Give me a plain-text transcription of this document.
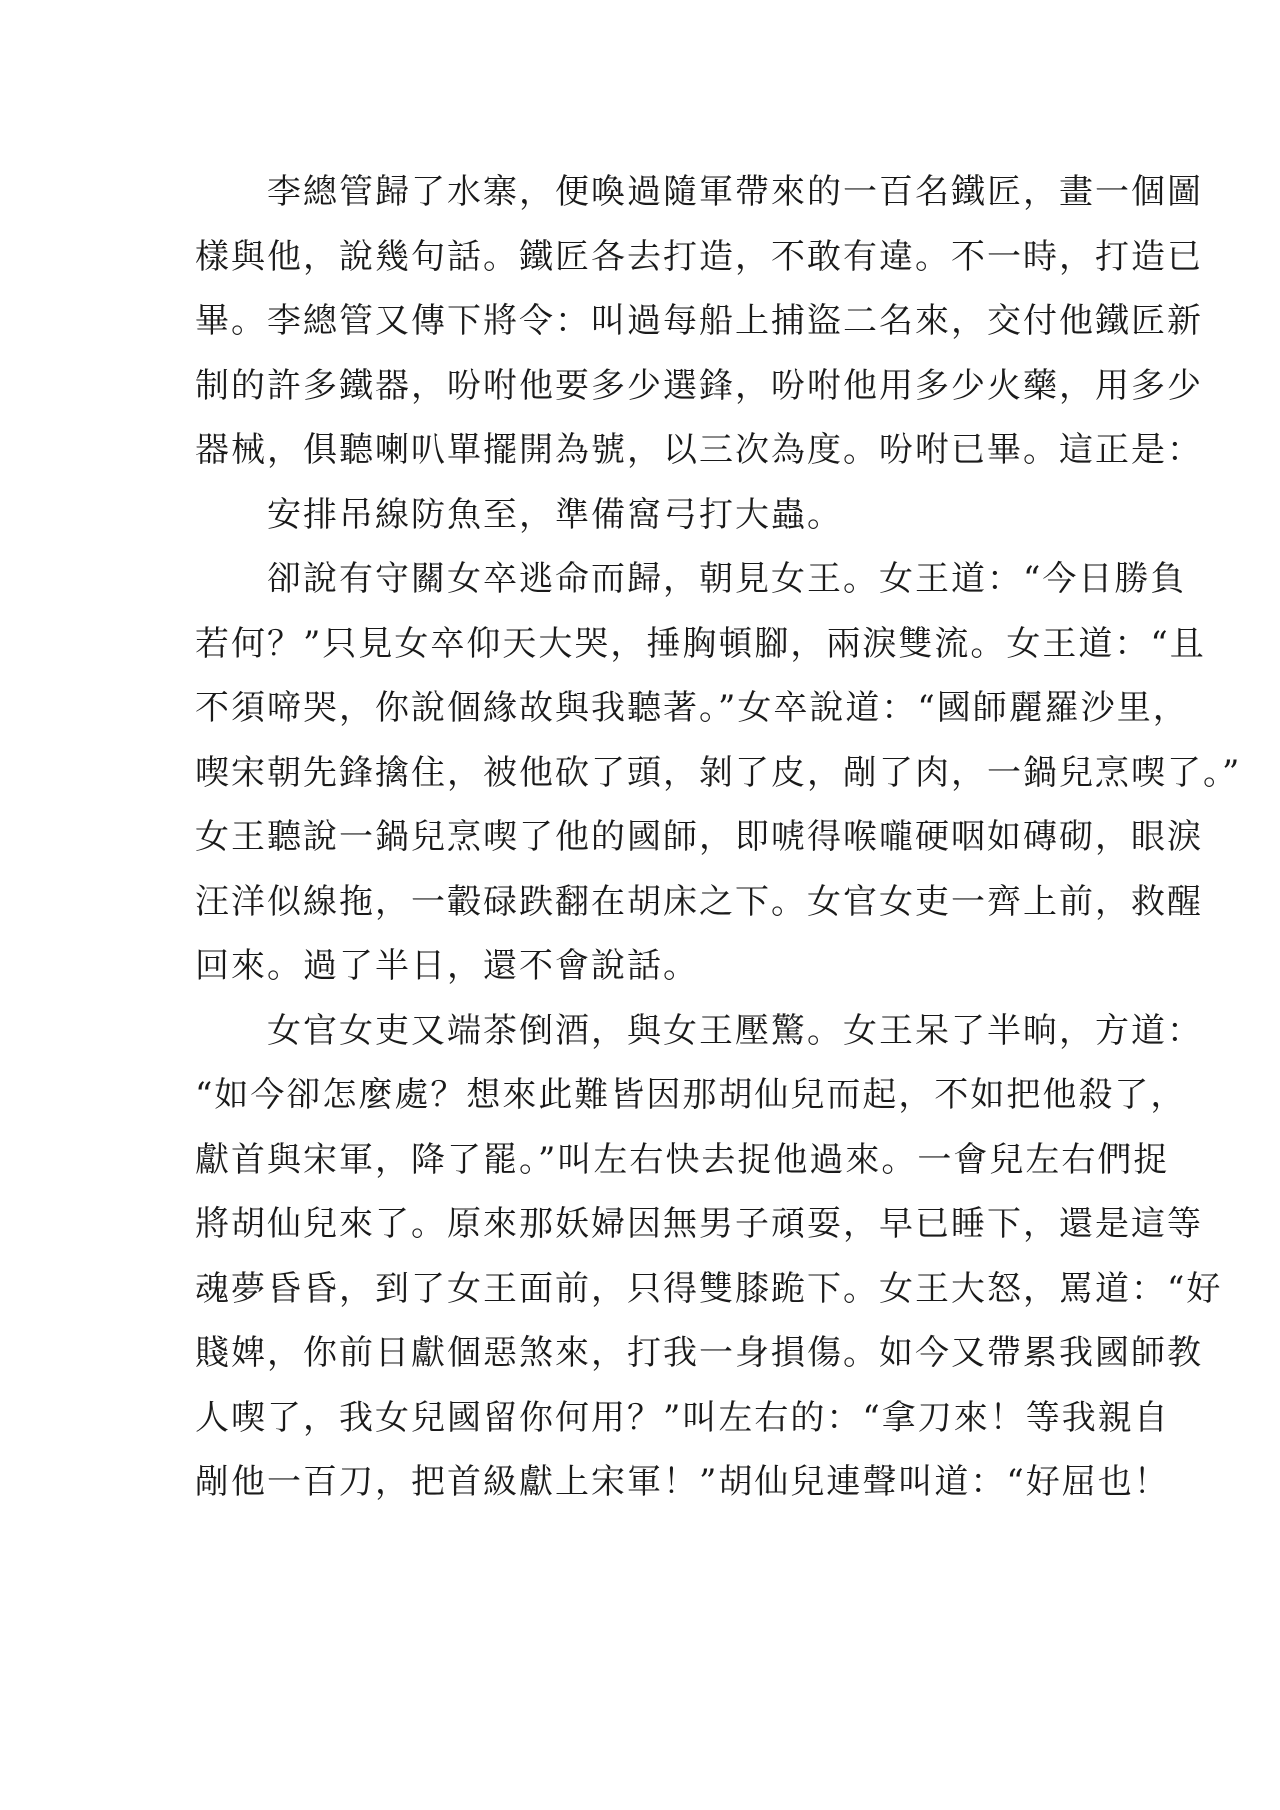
　　李總管歸了水寨，便喚過隨軍帶來的一百名鐵匠，畫一個圖
樣與他，說幾句話。鐵匠各去打造，不敢有違。不一時，打造已
畢。李總管又傳下將令：叫過每船上捕盜二名來，交付他鐵匠新
制的許多鐵器，吩咐他要多少選鋒，吩咐他用多少火藥，用多少
器械，俱聽喇叭單擺開為號，以三次為度。吩咐已畢。這正是：
　　安排吊線防魚至，準備窩弓打大蟲。
　　卻說有守關女卒逃命而歸，朝見女王。女王道：“今日勝負
若何？”只見女卒仰天大哭，捶胸頓腳，兩淚雙流。女王道：“且
不須啼哭，你說個緣故與我聽著。”女卒說道：“國師麗羅沙里，
喫宋朝先鋒擒住，被他砍了頭，剝了皮，剮了肉，一鍋兒烹喫了。”
女王聽說一鍋兒烹喫了他的國師，即唬得喉嚨硬咽如磚砌，眼淚
汪洋似線拖，一轂碌跌翻在胡床之下。女官女吏一齊上前，救醒
回來。過了半日，還不會說話。
　　女官女吏又端茶倒酒，與女王壓驚。女王呆了半晌，方道：
“如今卻怎麼處？想來此難皆因那胡仙兒而起，不如把他殺了，
獻首與宋軍，降了罷。”叫左右快去捉他過來。一會兒左右們捉
將胡仙兒來了。原來那妖婦因無男子頑耍，早已睡下，還是這等
魂夢昏昏，到了女王面前，只得雙膝跪下。女王大怒，罵道：“好
賤婢，你前日獻個惡煞來，打我一身損傷。如今又帶累我國師教
人喫了，我女兒國留你何用？”叫左右的：“拿刀來！等我親自
剮他一百刀，把首級獻上宋軍！”胡仙兒連聲叫道：“好屈也！
